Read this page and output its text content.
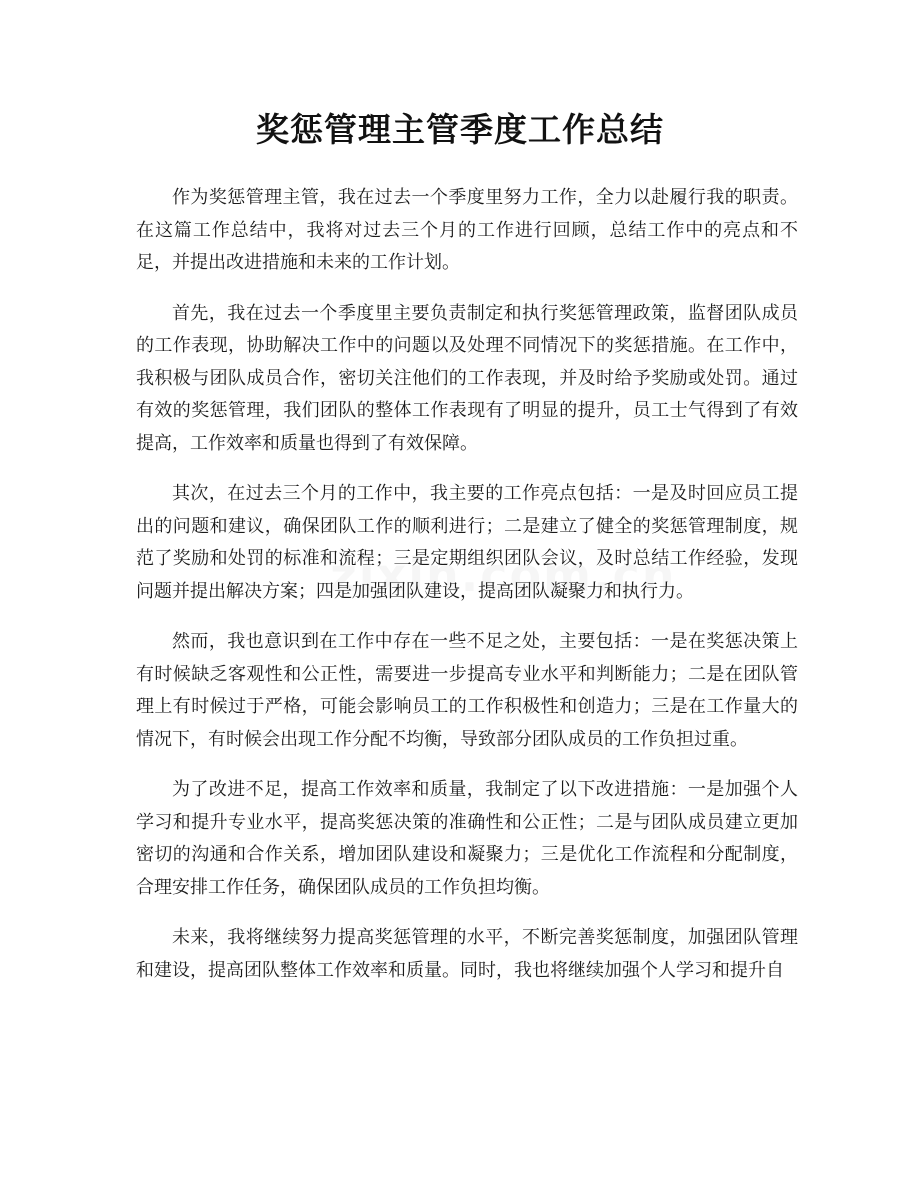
奖惩管理主管季度工作总结

作为奖惩管理主管，我在过去一个季度里努力工作，全力以赴履行我的职责。在这篇工作总结中，我将对过去三个月的工作进行回顾，总结工作中的亮点和不足，并提出改进措施和未来的工作计划。

首先，我在过去一个季度里主要负责制定和执行奖惩管理政策，监督团队成员的工作表现，协助解决工作中的问题以及处理不同情况下的奖惩措施。在工作中，我积极与团队成员合作，密切关注他们的工作表现，并及时给予奖励或处罚。通过有效的奖惩管理，我们团队的整体工作表现有了明显的提升，员工士气得到了有效提高，工作效率和质量也得到了有效保障。

其次，在过去三个月的工作中，我主要的工作亮点包括：一是及时回应员工提出的问题和建议，确保团队工作的顺利进行；二是建立了健全的奖惩管理制度，规范了奖励和处罚的标准和流程；三是定期组织团队会议，及时总结工作经验，发现问题并提出解决方案；四是加强团队建设，提高团队凝聚力和执行力。

然而，我也意识到在工作中存在一些不足之处，主要包括：一是在奖惩决策上有时候缺乏客观性和公正性，需要进一步提高专业水平和判断能力；二是在团队管理上有时候过于严格，可能会影响员工的工作积极性和创造力；三是在工作量大的情况下，有时候会出现工作分配不均衡，导致部分团队成员的工作负担过重。

为了改进不足，提高工作效率和质量，我制定了以下改进措施：一是加强个人学习和提升专业水平，提高奖惩决策的准确性和公正性；二是与团队成员建立更加密切的沟通和合作关系，增加团队建设和凝聚力；三是优化工作流程和分配制度，合理安排工作任务，确保团队成员的工作负担均衡。

未来，我将继续努力提高奖惩管理的水平，不断完善奖惩制度，加强团队管理和建设，提高团队整体工作效率和质量。同时，我也将继续加强个人学习和提升自
